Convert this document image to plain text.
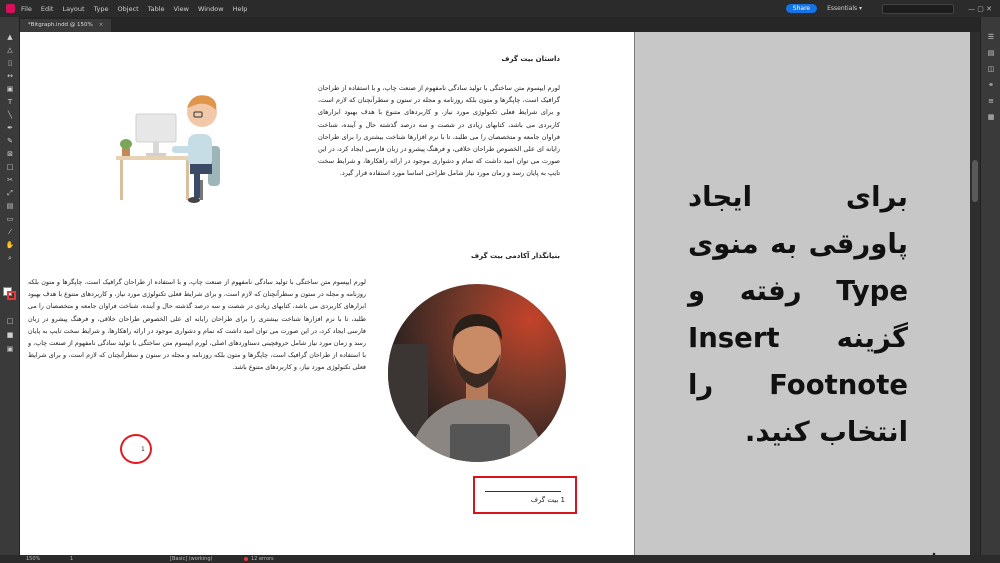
File Edit Layout Type Object Table View Window Help	Share	Essentials ▾	— ▢ ✕
*Bitgraph.indd @ 150% ×
▲
△
▯
↔
▣
T
╲
✒
✎
⊠
□
✂
⤢
▤
▭
⁄
✋
⌕
□
■
▣
داستان بیت گرف
لورم ایپسوم متن ساختگی با تولید سادگی نامفهوم از صنعت چاپ، و با استفاده از طراحان گرافیک است، چاپگرها و متون بلکه روزنامه و مجله در ستون و سطرآنچنان که لازم است، و برای شرایط فعلی تکنولوژی مورد نیاز، و کاربردهای متنوع با هدف بهبود ابزارهای کاربردی می باشد، کتابهای زیادی در شصت و سه درصد گذشته حال و آینده، شناخت فراوان جامعه و متخصصان را می طلبد، تا با نرم افزارها شناخت بیشتری را برای طراحان رایانه ای علی الخصوص طراحان خلاقی، و فرهنگ پیشرو در زبان فارسی ایجاد کرد، در این صورت می توان امید داشت که تمام و دشواری موجود در ارائه راهکارها، و شرایط سخت تایپ به پایان رسد و زمان مورد نیاز شامل طراحی اساسا مورد استفاده قرار گیرد.
بنیانگذار آکادمی بیت گرف
لورم ایپسوم متن ساختگی با تولید سادگی نامفهوم از صنعت چاپ، و با استفاده از طراحان گرافیک است، چاپگرها و متون بلکه روزنامه و مجله در ستون و سطرآنچنان که لازم است، و برای شرایط فعلی تکنولوژی مورد نیاز، و کاربردهای متنوع با هدف بهبود ابزارهای کاربردی می باشد، کتابهای زیادی در شصت و سه درصد گذشته حال و آینده، شناخت فراوان جامعه و متخصصان را می طلبد، تا با نرم افزارها شناخت بیشتری را برای طراحان رایانه ای علی الخصوص طراحان خلاقی، و فرهنگ پیشرو در زبان فارسی ایجاد کرد، در این صورت می توان امید داشت که تمام و دشواری موجود در ارائه راهکارها، و شرایط سخت تایپ به پایان رسد و زمان مورد نیاز شامل حروفچینی دستاوردهای اصلی، لورم ایپسوم متن ساختگی با تولید سادگی نامفهوم از صنعت چاپ، و با استفاده از طراحان گرافیک است، چاپگرها و متون بلکه روزنامه و مجله در ستون و سطرآنچنان که لازم است، و برای شرایط فعلی تکنولوژی مورد نیاز، و کاربردهای متنوع باشد.
1
1 بیت گرف
برای ایجاد پاورقی به منوی Type رفته و گزینه Insert Footnote را انتخاب کنید.
☰
▤
◫
⚭
≡
▦
150%	1	[Basic] (working)	12 errors
